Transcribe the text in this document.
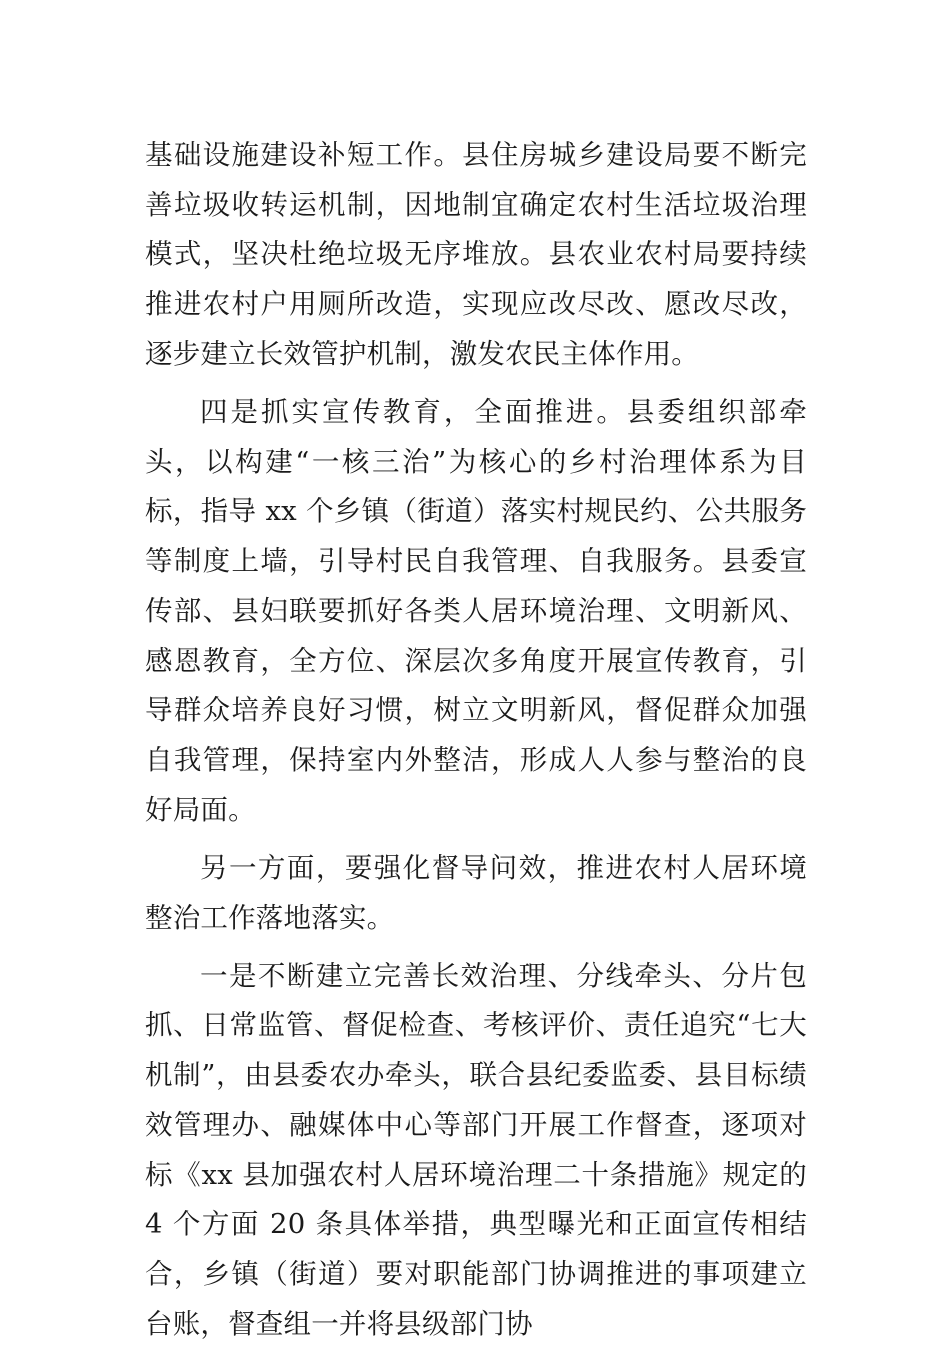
基础设施建设补短工作。县住房城乡建设局要不断完善垃圾收转运机制，因地制宜确定农村生活垃圾治理模式，坚决杜绝垃圾无序堆放。县农业农村局要持续推进农村户用厕所改造，实现应改尽改、愿改尽改，逐步建立长效管护机制，激发农民主体作用。

四是抓实宣传教育，全面推进。县委组织部牵头，以构建“一核三治”为核心的乡村治理体系为目标，指导 xx 个乡镇（街道）落实村规民约、公共服务等制度上墙，引导村民自我管理、自我服务。县委宣传部、县妇联要抓好各类人居环境治理、文明新风、感恩教育，全方位、深层次多角度开展宣传教育，引导群众培养良好习惯，树立文明新风，督促群众加强自我管理，保持室内外整洁，形成人人参与整治的良好局面。

另一方面，要强化督导问效，推进农村人居环境整治工作落地落实。

一是不断建立完善长效治理、分线牵头、分片包抓、日常监管、督促检查、考核评价、责任追究“七大机制”，由县委农办牵头，联合县纪委监委、县目标绩效管理办、融媒体中心等部门开展工作督查，逐项对标《xx 县加强农村人居环境治理二十条措施》规定的 4 个方面 20 条具体举措，典型曝光和正面宣传相结合，乡镇（街道）要对职能部门协调推进的事项建立台账，督查组一并将县级部门协
